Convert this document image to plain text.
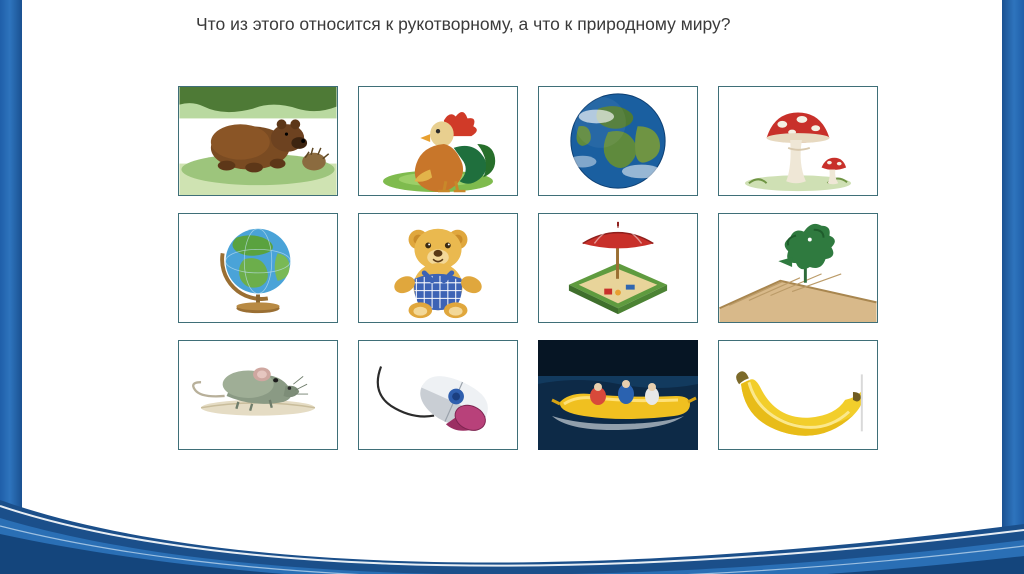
Что из этого относится к рукотворному, а что к природному миру?
